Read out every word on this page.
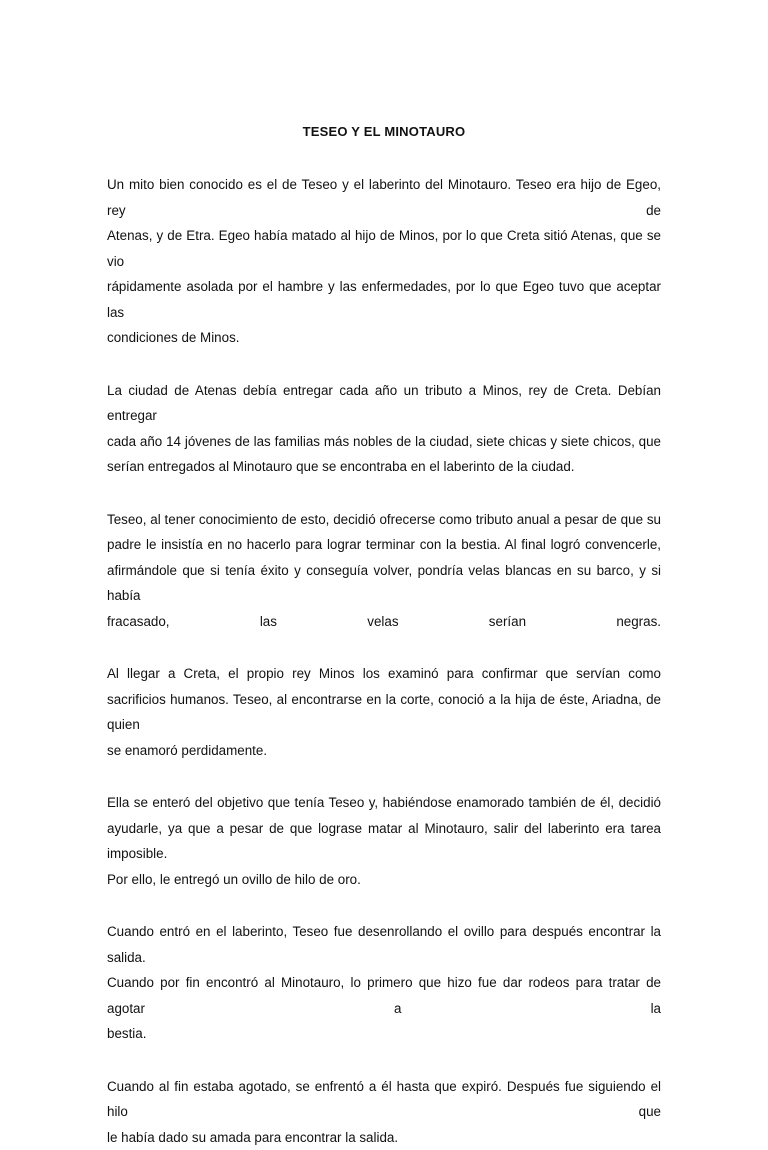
TESEO Y EL MINOTAURO

Un mito bien conocido es el de Teseo y el laberinto del Minotauro. Teseo era hijo de Egeo, rey de
Atenas, y de Etra. Egeo había matado al hijo de Minos, por lo que Creta sitió Atenas, que se vio
rápidamente asolada por el hambre y las enfermedades, por lo que Egeo tuvo que aceptar las
condiciones de Minos.

La ciudad de Atenas debía entregar cada año un tributo a Minos, rey de Creta. Debían entregar
cada año 14 jóvenes de las familias más nobles de la ciudad, siete chicas y siete chicos, que
serían entregados al Minotauro que se encontraba en el laberinto de la ciudad.

Teseo, al tener conocimiento de esto, decidió ofrecerse como tributo anual a pesar de que su
padre le insistía en no hacerlo para lograr terminar con la bestia. Al final logró convencerle,
afirmándole que si tenía éxito y conseguía volver, pondría velas blancas en su barco, y si había
fracasado, las velas serían negras.

Al llegar a Creta, el propio rey Minos los examinó para confirmar que servían como
sacrificios humanos. Teseo, al encontrarse en la corte, conoció a la hija de éste, Ariadna, de quien
se enamoró perdidamente.

Ella se enteró del objetivo que tenía Teseo y, habiéndose enamorado también de él, decidió
ayudarle, ya que a pesar de que lograse matar al Minotauro, salir del laberinto era tarea imposible.
Por ello, le entregó un ovillo de hilo de oro.

Cuando entró en el laberinto, Teseo fue desenrollando el ovillo para después encontrar la salida.
Cuando por fin encontró al Minotauro, lo primero que hizo fue dar rodeos para tratar de agotar a la
bestia.

Cuando al fin estaba agotado, se enfrentó a él hasta que expiró. Después fue siguiendo el hilo que
le había dado su amada para encontrar la salida.
